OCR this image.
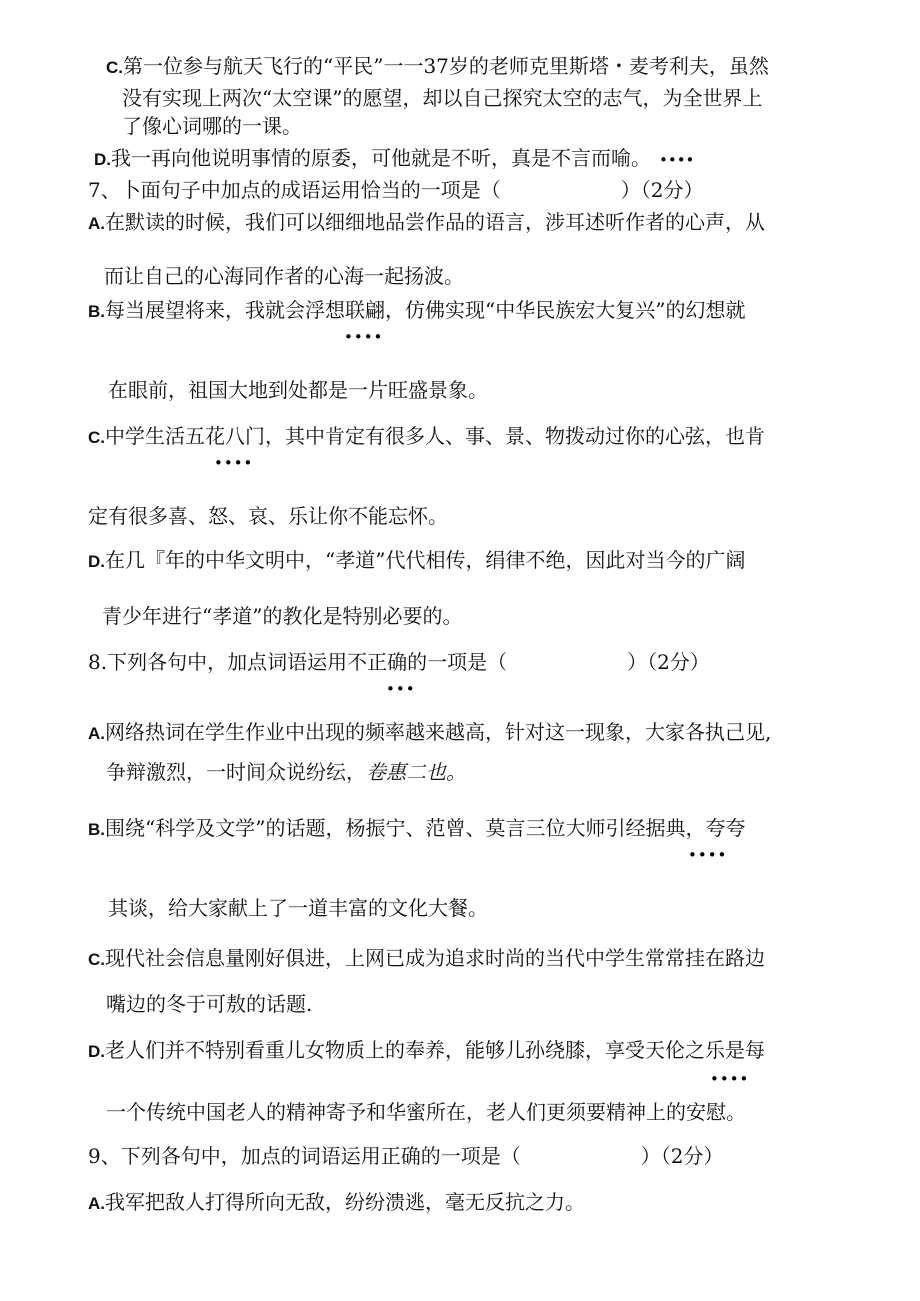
C.第一位参与航天飞行的“平民”一一37岁的老师克里斯塔・麦考利夫，虽然
没有实现上两次“太空课”的愿望，却以自己探究太空的志气，为全世界上
了像心词哪的一课。
D.我一再向他说明事情的原委，可他就是不听，真是不言而喻。 ••••
7、卜面句子中加点的成语运用恰当的一项是（　　　　　　）（2分）
A.在默读的时候，我们可以细细地品尝作品的语言，涉耳述听作者的心声，从
而让自己的心海同作者的心海一起扬波。
B.每当展望将来，我就会浮想联翩，仿佛实现“中华民族宏大复兴”的幻想就
••••
在眼前，祖国大地到处都是一片旺盛景象。
C.中学生活五花八门，其中肯定有很多人、事、景、物拨动过你的心弦，也肯
••••
定有很多喜、怒、哀、乐让你不能忘怀。
D.在几『年的中华文明中，“孝道”代代相传，绢律不绝，因此对当今的广阔
青少年进行“孝道”的教化是特别必要的。
8.下列各句中，加点词语运用不正确的一项是（　　　　　　）（2分）
•••
A.网络热词在学生作业中出现的频率越来越高，针对这一现象，大家各执己见,
争辩激烈，一时间众说纷纭，卷惠二也。
B.围绕“科学及文学”的话题，杨振宁、范曾、莫言三位大师引经据典，夸夸
••••
其谈，给大家献上了一道丰富的文化大餐。
C.现代社会信息量刚好俱进，上网已成为追求时尚的当代中学生常常挂在路边
嘴边的冬于可敖的话题.
D.老人们并不特别看重儿女物质上的奉养，能够儿孙绕膝，享受天伦之乐是每
••••
一个传统中国老人的精神寄予和华蜜所在，老人们更须要精神上的安慰。
9、下列各句中，加点的词语运用正确的一项是（　　　　　　）（2分）
A.我军把敌人打得所向无敌，纷纷溃逃，毫无反抗之力。
